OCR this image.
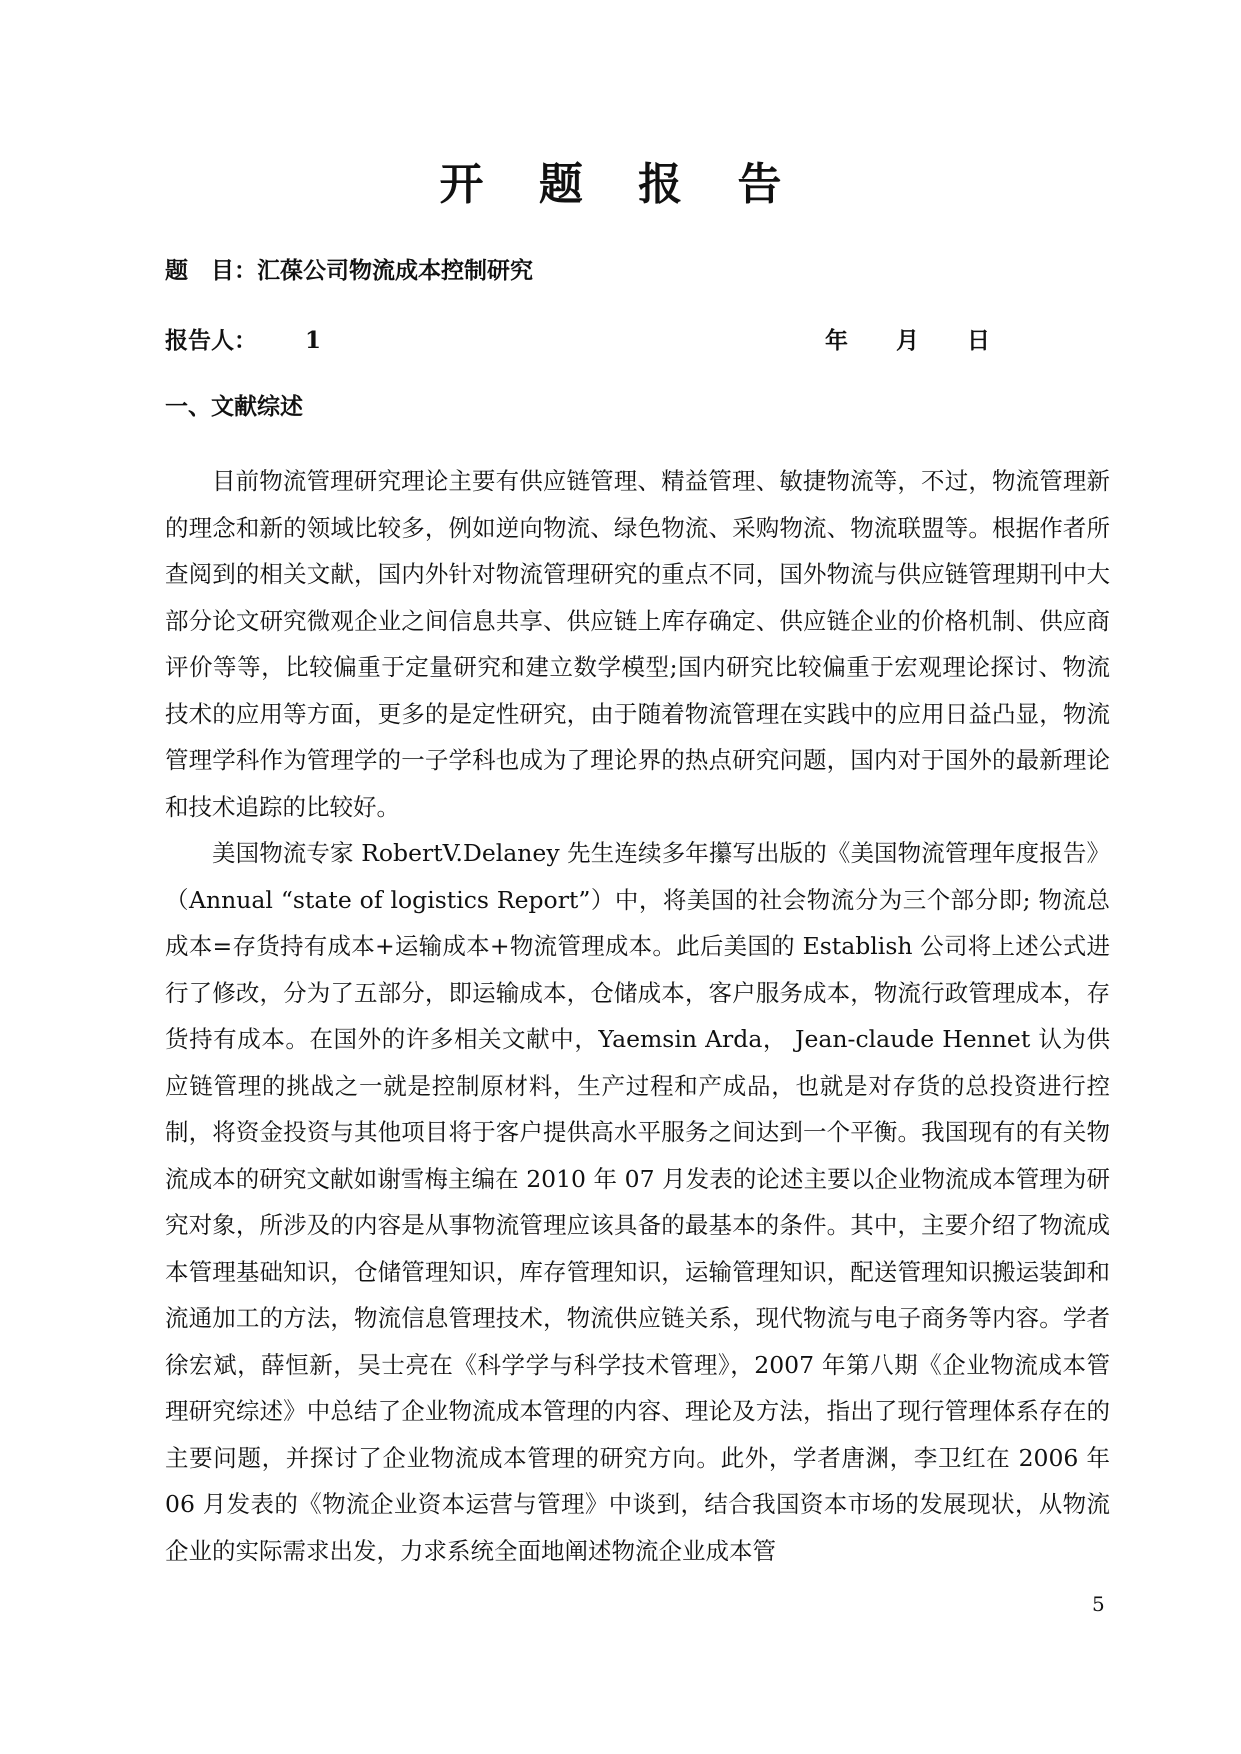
开 题 报 告
题　目：汇葆公司物流成本控制研究
报告人： 1	年 月 日
一、文献综述

目前物流管理研究理论主要有供应链管理、精益管理、敏捷物流等，不过，物流管理新的理念和新的领域比较多，例如逆向物流、绿色物流、采购物流、物流联盟等。根据作者所查阅到的相关文献，国内外针对物流管理研究的重点不同，国外物流与供应链管理期刊中大部分论文研究微观企业之间信息共享、供应链上库存确定、供应链企业的价格机制、供应商评价等等，比较偏重于定量研究和建立数学模型;国内研究比较偏重于宏观理论探讨、物流技术的应用等方面，更多的是定性研究，由于随着物流管理在实践中的应用日益凸显，物流管理学科作为管理学的一子学科也成为了理论界的热点研究问题，国内对于国外的最新理论和技术追踪的比较好。

美国物流专家 RobertV.Delaney 先生连续多年攥写出版的《美国物流管理年度报告》（Annual “state of logistics Report”）中，将美国的社会物流分为三个部分即; 物流总成本=存货持有成本+运输成本+物流管理成本。此后美国的 Establish 公司将上述公式进行了修改，分为了五部分，即运输成本，仓储成本，客户服务成本，物流行政管理成本，存货持有成本。在国外的许多相关文献中，Yaemsin Arda， Jean-claude Hennet 认为供应链管理的挑战之一就是控制原材料，生产过程和产成品，也就是对存货的总投资进行控制，将资金投资与其他项目将于客户提供高水平服务之间达到一个平衡。我国现有的有关物流成本的研究文献如谢雪梅主编在 2010 年 07 月发表的论述主要以企业物流成本管理为研究对象，所涉及的内容是从事物流管理应该具备的最基本的条件。其中，主要介绍了物流成本管理基础知识，仓储管理知识，库存管理知识，运输管理知识，配送管理知识搬运装卸和流通加工的方法，物流信息管理技术，物流供应链关系，现代物流与电子商务等内容。学者徐宏斌，薛恒新，吴士亮在《科学学与科学技术管理》，2007 年第八期《企业物流成本管理研究综述》中总结了企业物流成本管理的内容、理论及方法，指出了现行管理体系存在的主要问题，并探讨了企业物流成本管理的研究方向。此外，学者唐渊，李卫红在 2006 年 06 月发表的《物流企业资本运营与管理》中谈到，结合我国资本市场的发展现状，从物流企业的实际需求出发，力求系统全面地阐述物流企业成本管

5
